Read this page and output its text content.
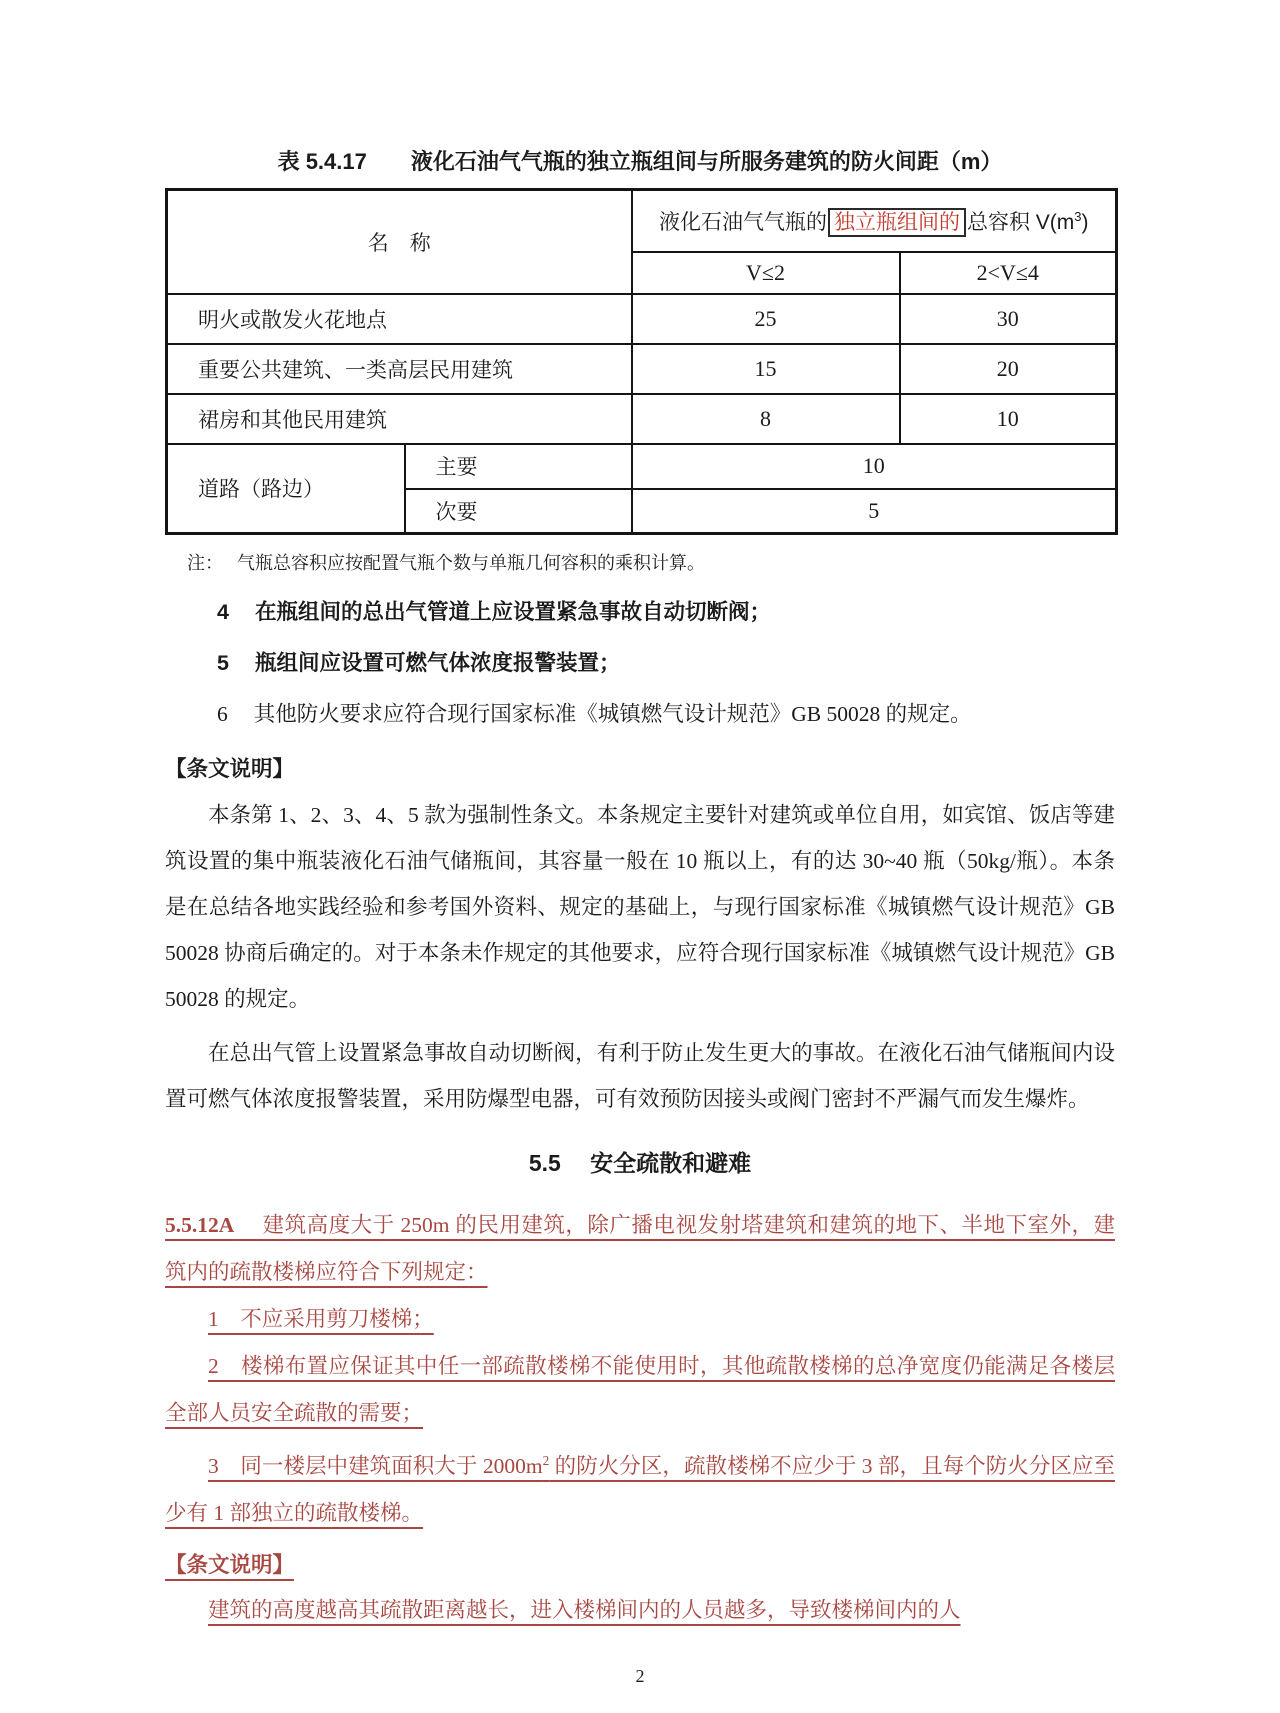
表 5.4.17　　液化石油气气瓶的独立瓶组间与所服务建筑的防火间距（m）
名　称		液化石油气气瓶的 独立瓶组间的 总容积 $V(m^3)$	
		V≤2	2<V≤4
明火或散发火花地点		25	30
重要公共建筑、一类高层民用建筑		15	20
裙房和其他民用建筑		8	10
道路（路边）	主要	10	
	次要	5	
注： 气瓶总容积应按配置气瓶个数与单瓶几何容积的乘积计算。
4 在瓶组间的总出气管道上应设置紧急事故自动切断阀；
5 瓶组间应设置可燃气体浓度报警装置；
6 其他防火要求应符合现行国家标准《城镇燃气设计规范》GB 50028 的规定。
【条文说明】

本条第 1、2、3、4、5 款为强制性条文。本条规定主要针对建筑或单位自用，如宾馆、饭店等建筑设置的集中瓶装液化石油气储瓶间，其容量一般在 10 瓶以上，有的达 30~40 瓶（50kg/瓶）。本条是在总结各地实践经验和参考国外资料、规定的基础上，与现行国家标准《城镇燃气设计规范》GB 50028 协商后确定的。对于本条未作规定的其他要求，应符合现行国家标准《城镇燃气设计规范》GB 50028 的规定。

在总出气管上设置紧急事故自动切断阀，有利于防止发生更大的事故。在液化石油气储瓶间内设置可燃气体浓度报警装置，采用防爆型电器，可有效预防因接头或阀门密封不严漏气而发生爆炸。

5.5　 安全疏散和避难
5.5.12A　 建筑高度大于 250m 的民用建筑，除广播电视发射塔建筑和建筑的地下、半地下室外，建筑内的疏散楼梯应符合下列规定：

1　不应采用剪刀楼梯；

2　楼梯布置应保证其中任一部疏散楼梯不能使用时，其他疏散楼梯的总净宽度仍能满足各楼层全部人员安全疏散的需要；

3　同一楼层中建筑面积大于 $2000m^2$ 的防火分区，疏散楼梯不应少于 3 部，且每个防火分区应至少有 1 部独立的疏散楼梯。

【条文说明】

建筑的高度越高其疏散距离越长，进入楼梯间内的人员越多，导致楼梯间内的人

2
